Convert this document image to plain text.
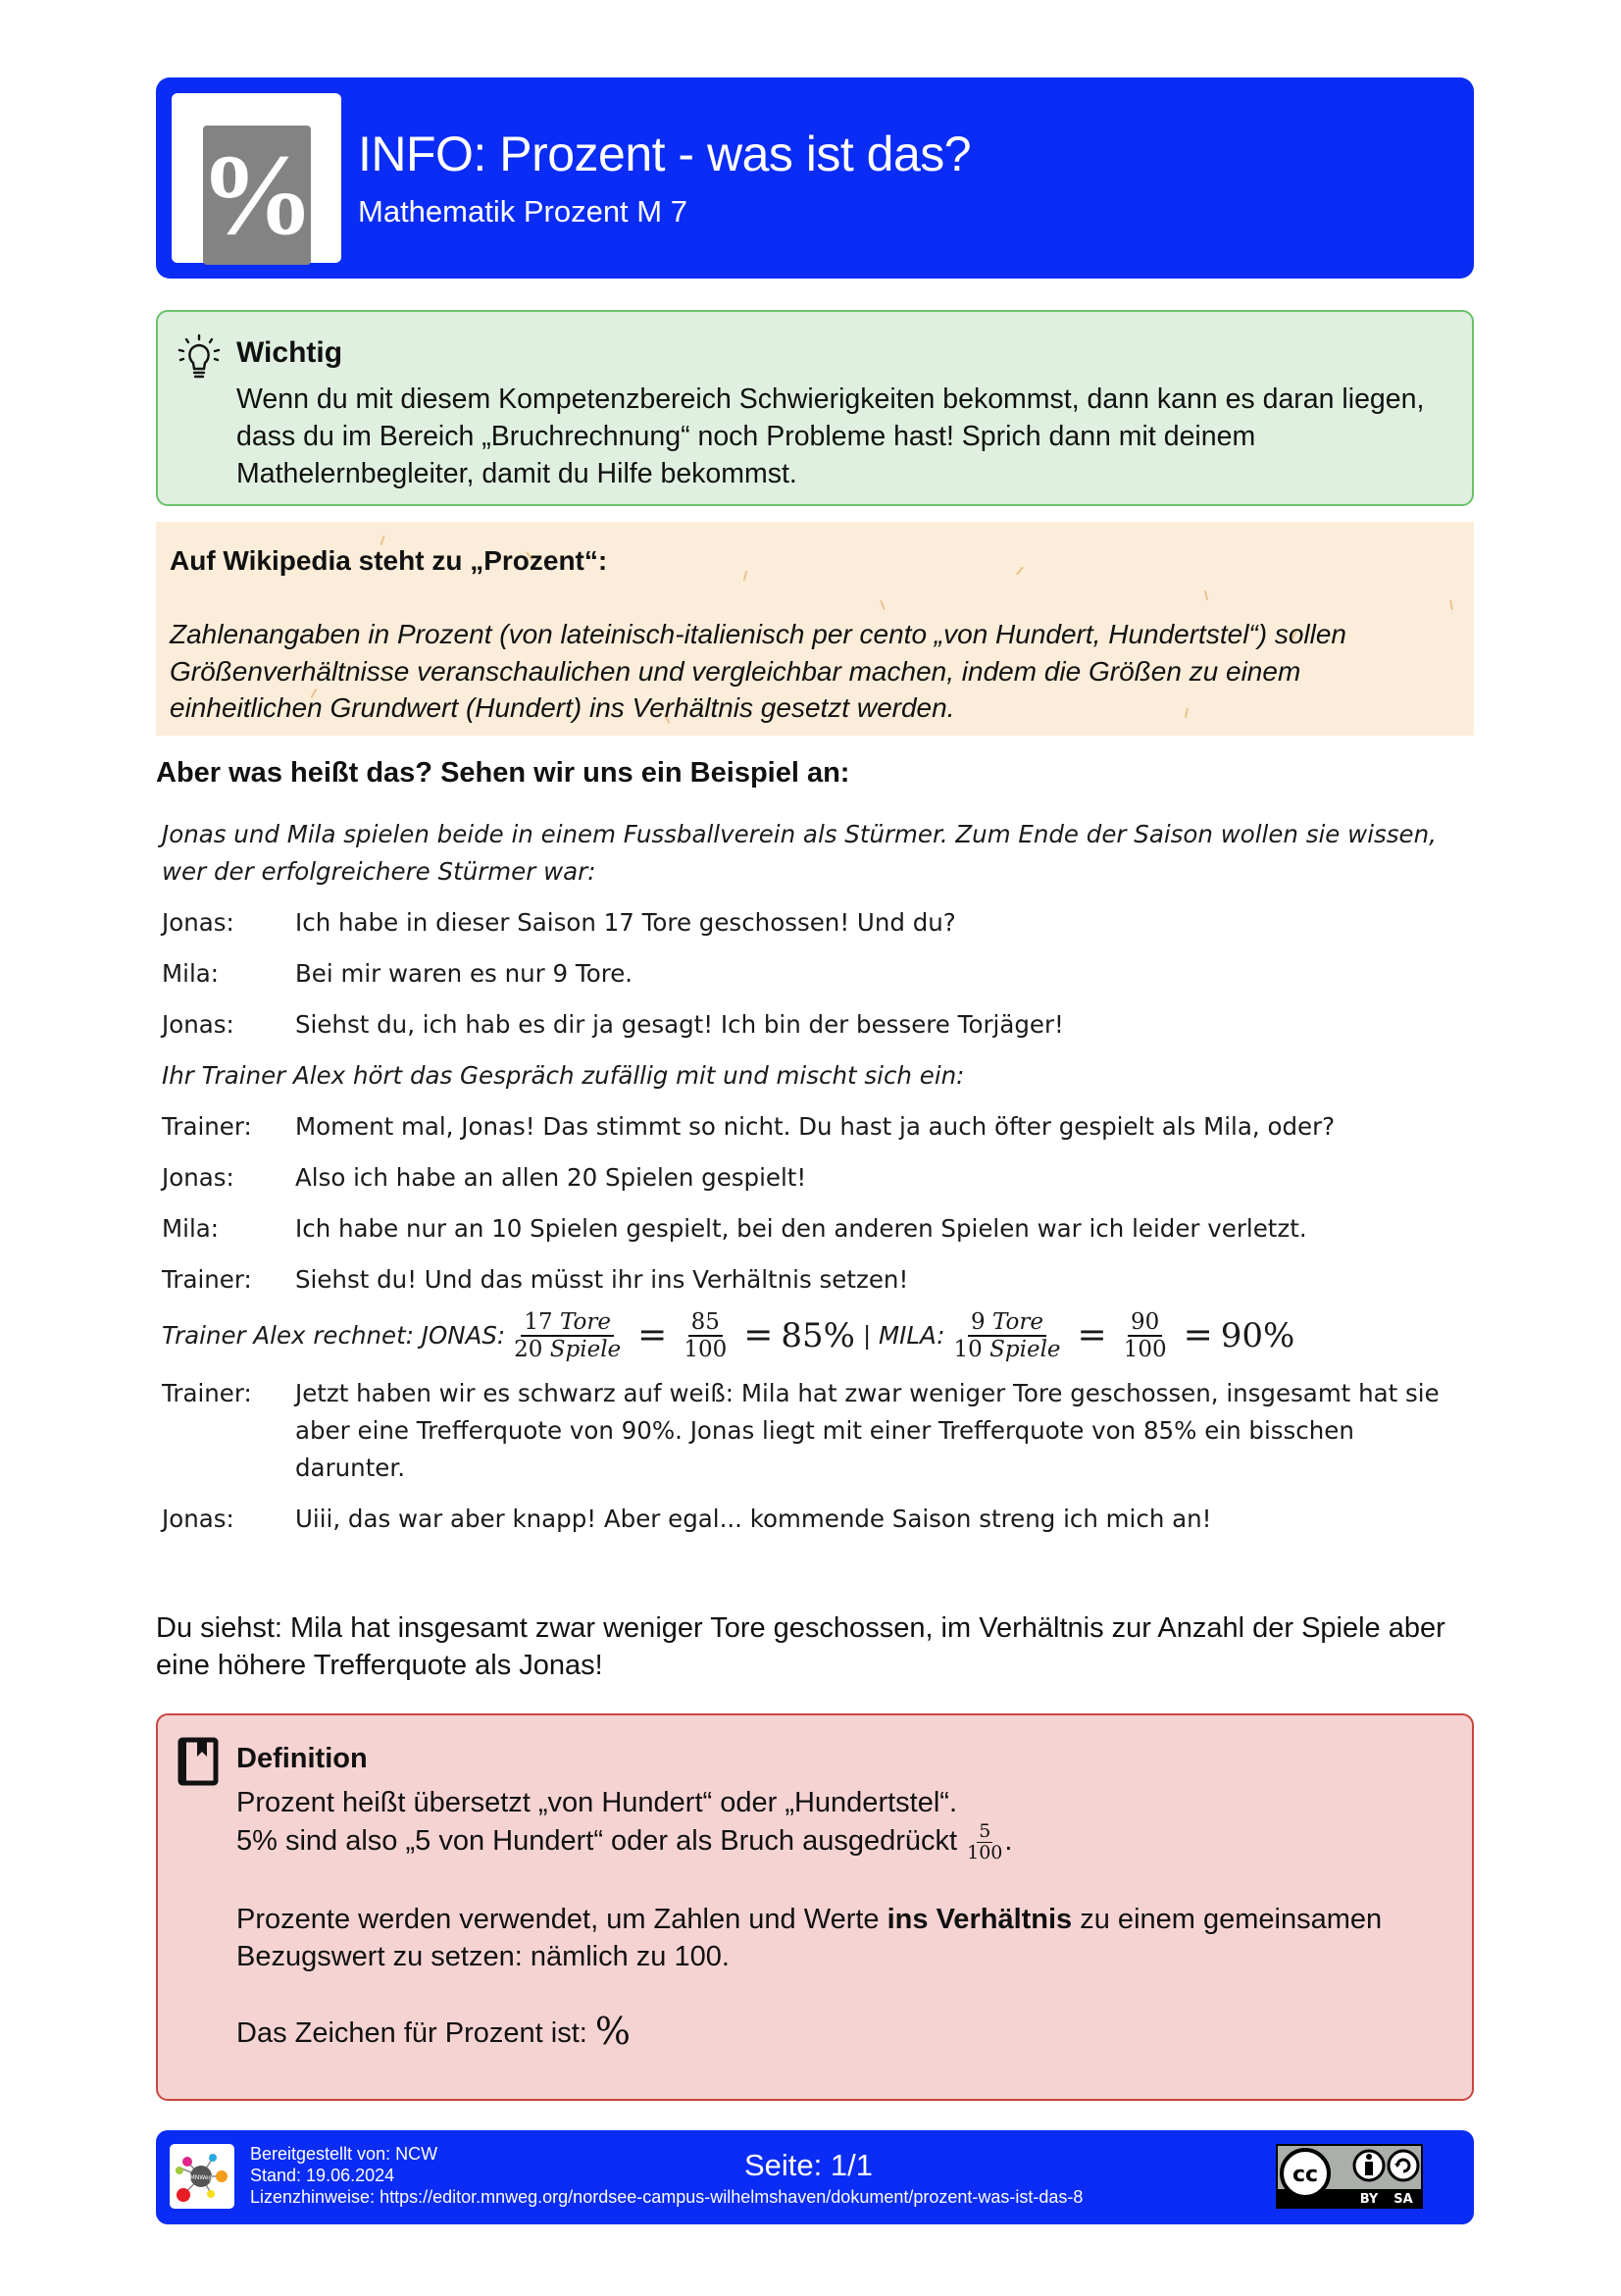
% INFO: Prozent - was ist das?
Mathematik Prozent M 7
Wichtig
Wenn du mit diesem Kompetenzbereich Schwierigkeiten bekommst, dann kann es daran liegen, dass du im Bereich „Bruchrechnung“ noch Probleme hast! Sprich dann mit deinem Mathelernbegleiter, damit du Hilfe bekommst.
Auf Wikipedia steht zu „Prozent“:
Zahlenangaben in Prozent (von lateinisch-italienisch per cento „von Hundert, Hundertstel“) sollen Größenverhältnisse veranschaulichen und vergleichbar machen, indem die Größen zu einem einheitlichen Grundwert (Hundert) ins Verhältnis gesetzt werden.
Aber was heißt das? Sehen wir uns ein Beispiel an:
Jonas und Mila spielen beide in einem Fussballverein als Stürmer. Zum Ende der Saison wollen sie wissen, wer der erfolgreichere Stürmer war:
Jonas:	Ich habe in dieser Saison 17 Tore geschossen! Und du?
Mila:	Bei mir waren es nur 9 Tore.
Jonas:	Siehst du, ich hab es dir ja gesagt! Ich bin der bessere Torjäger!
Ihr Trainer Alex hört das Gespräch zufällig mit und mischt sich ein:
Trainer:	Moment mal, Jonas! Das stimmt so nicht. Du hast ja auch öfter gespielt als Mila, oder?
Jonas:	Also ich habe an allen 20 Spielen gespielt!
Mila:	Ich habe nur an 10 Spielen gespielt, bei den anderen Spielen war ich leider verletzt.
Trainer:	Siehst du! Und das müsst ihr ins Verhältnis setzen!
Trainer Alex rechnet: JONAS: $\frac{\text{17 Tore}}{\text{20 Spiele}} = \frac{85}{100} = 85\%$ | MILA: $\frac{\text{9 Tore}}{\text{10 Spiele}} = \frac{90}{100} = 90\%$
Trainer:	Jetzt haben wir es schwarz auf weiß: Mila hat zwar weniger Tore geschossen, insgesamt hat sie aber eine Trefferquote von 90%. Jonas liegt mit einer Trefferquote von 85% ein bisschen darunter.
Jonas:	Uiii, das war aber knapp! Aber egal... kommende Saison streng ich mich an!
Du siehst: Mila hat insgesamt zwar weniger Tore geschossen, im Verhältnis zur Anzahl der Spiele aber eine höhere Trefferquote als Jonas!
Definition

Prozent heißt übersetzt „von Hundert“ oder „Hundertstel“.

5% sind also „5 von Hundert“ oder als Bruch ausgedrückt $\frac{5}{100}$ .

Prozente werden verwendet, um Zahlen und Werte ins Verhältnis zu einem gemeinsamen Bezugswert zu setzen: nämlich zu 100.

Das Zeichen für Prozent ist: %

MNWeg
Bereitgestellt von: NCW
Stand: 19.06.2024
Lizenzhinweise: https://editor.mnweg.org/nordsee-campus-wilhelmshaven/dokument/prozent-was-ist-das-8
Seite: 1/1	cc
BY SA
